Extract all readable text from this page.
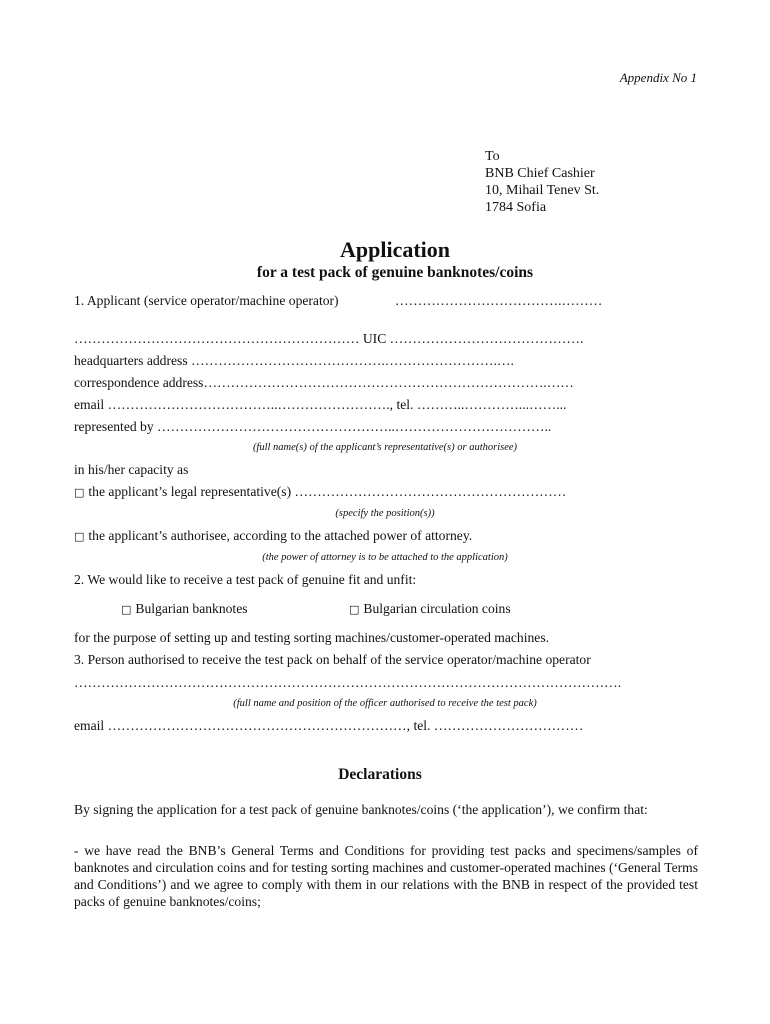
Appendix No 1
To
BNB Chief Cashier
10, Mihail Tenev St.
1784 Sofia
Application
for a test pack of genuine banknotes/coins
1. Applicant (service operator/machine operator)	……………………………….………
……………………………………………………… UIC …………………………………….
headquarters address …………………………………….…………………….….
correspondence address………………………………………………………………….……
email ………………………………..……………………., tel. ………..…………...……...
represented by ……………………………………………..……………………………..
(full name(s) of the applicant’s representative(s) or authorisee)
in his/her capacity as
□ the applicant’s legal representative(s) ……………………………………………………
(specify the position(s))
□ the applicant’s authorisee, according to the attached power of attorney.
(the power of attorney is to be attached to the application)
2. We would like to receive a test pack of genuine fit and unfit:
□ Bulgarian banknotes	□ Bulgarian circulation coins
for the purpose of setting up and testing sorting machines/customer-operated machines.
3. Person authorised to receive the test pack on behalf of the service operator/machine operator
………………………………………………………………………………………………………….
(full name and position of the officer authorised to receive the test pack)
email …………………………………………………………, tel. ……………………………
Declarations
By signing the application for a test pack of genuine banknotes/coins (‘the application’), we confirm that:
- we have read the BNB’s General Terms and Conditions for providing test packs and specimens/samples of banknotes and circulation coins and for testing sorting machines and customer-operated machines (‘General Terms and Conditions’) and we agree to comply with them in our relations with the BNB in respect of the provided test packs of genuine banknotes/coins;
